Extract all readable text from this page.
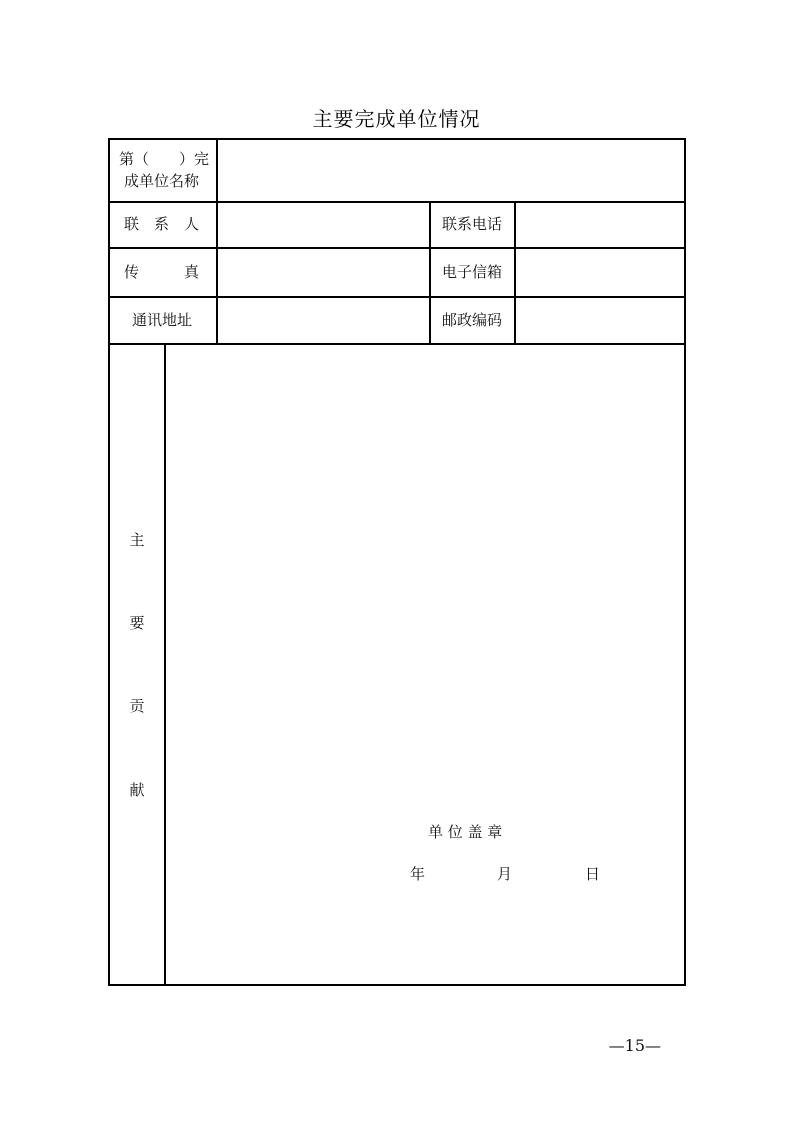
主要完成单位情况
第（　　）完
成单位名称
联　系　人	联系电话
传　　　真	电子信箱
通讯地址	邮政编码
主
要
贡
献
单 位 盖 章
年	月	日
—15—
